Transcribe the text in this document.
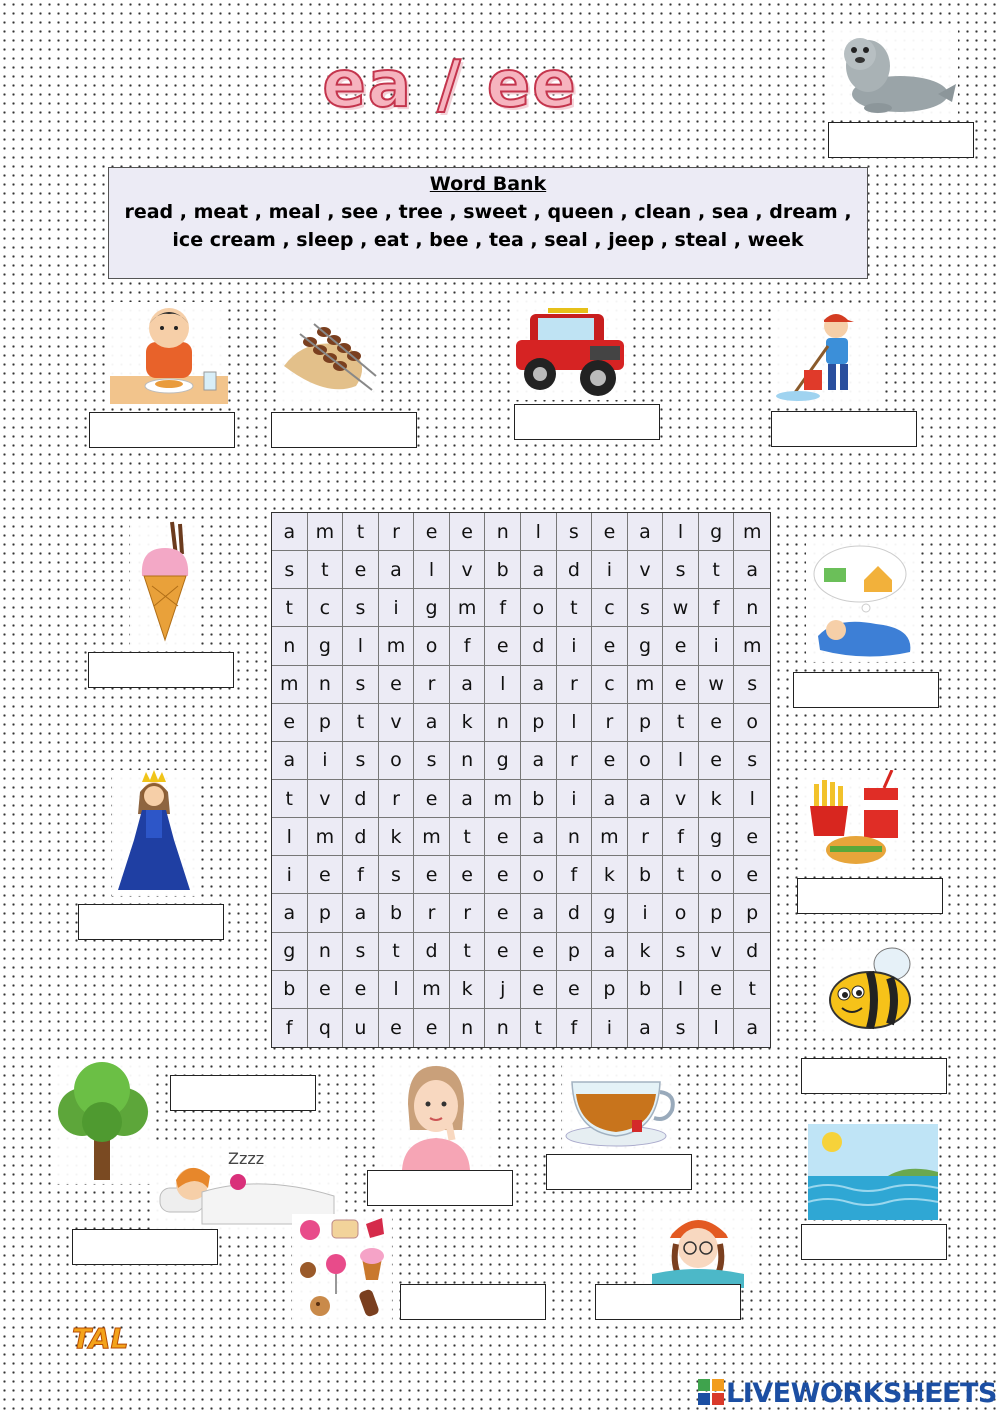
ea / ee
Word Bank
read , meat , meal , see , tree , sweet , queen , clean , sea , dream ,
ice cream , sleep , eat , bee , tea , seal , jeep , steal , week
a	m	t	r	e	e	n	l	s	e	a	l	g	m
s	t	e	a	l	v	b	a	d	i	v	s	t	a
t	c	s	i	g	m	f	o	t	c	s	w	f	n
n	g	l	m	o	f	e	d	i	e	g	e	i	m
m	n	s	e	r	a	l	a	r	c	m	e	w	s
e	p	t	v	a	k	n	p	l	r	p	t	e	o
a	i	s	o	s	n	g	a	r	e	o	l	e	s
t	v	d	r	e	a	m	b	i	a	a	v	k	l
l	m	d	k	m	t	e	a	n	m	r	f	g	e
i	e	f	s	e	e	e	o	f	k	b	t	o	e
a	p	a	b	r	r	e	a	d	g	i	o	p	p
g	n	s	t	d	t	e	e	p	a	k	s	v	d
b	e	e	l	m	k	j	e	e	p	b	l	e	t
f	q	u	e	e	n	n	t	f	i	a	s	l	a
Zzzz
TAL
LIVEWORKSHEETS
